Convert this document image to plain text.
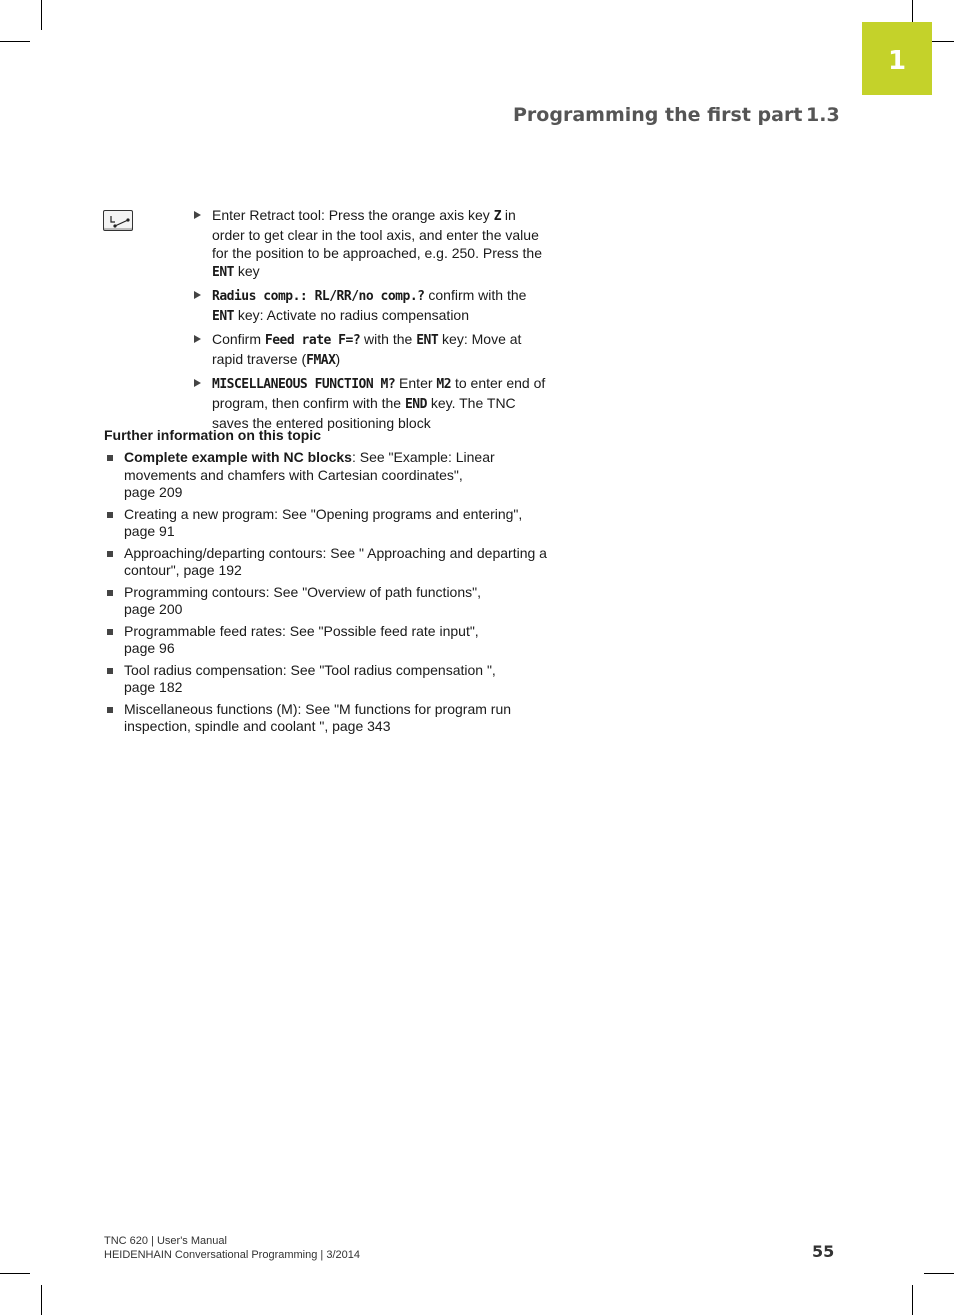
1
Programming the first part 1.3
Enter Retract tool: Press the orange axis key Z in order to get clear in the tool axis, and enter the value for the position to be approached, e.g. 250. Press the ENT key
Radius comp.: RL/RR/no comp.? confirm with the ENT key: Activate no radius compensation
Confirm Feed rate F=? with the ENT key: Move at rapid traverse (FMAX)
MISCELLANEOUS FUNCTION M? Enter M2 to enter end of program, then confirm with the END key. The TNC saves the entered positioning block
Further information on this topic
Complete example with NC blocks: See "Example: Linear movements and chamfers with Cartesian coordinates",
page 209
Creating a new program: See "Opening programs and entering",
page 91
Approaching/departing contours: See " Approaching and departing a contour", page 192
Programming contours: See "Overview of path functions",
page 200
Programmable feed rates: See "Possible feed rate input",
page 96
Tool radius compensation: See "Tool radius compensation ",
page 182
Miscellaneous functions (M): See "M functions for program run inspection, spindle and coolant ", page 343
TNC 620 | User's Manual
HEIDENHAIN Conversational Programming | 3/2014	55
